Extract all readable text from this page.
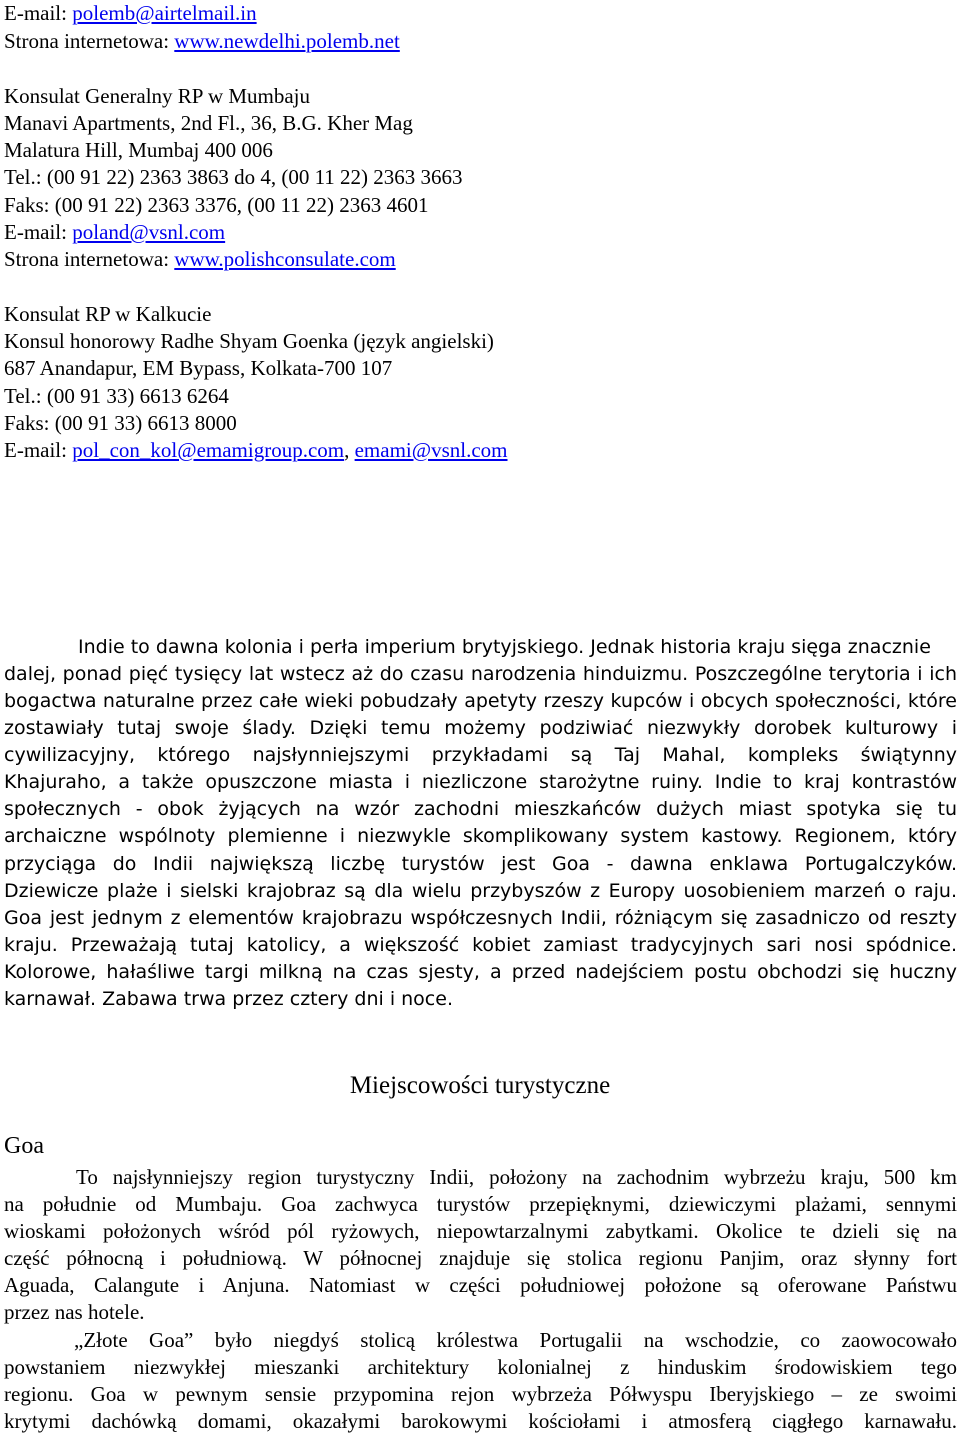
E-mail: polemb@airtelmail.in
Strona internetowa: www.newdelhi.polemb.net
Konsulat Generalny RP w Mumbaju
Manavi Apartments, 2nd Fl., 36, B.G. Kher Mag
Malatura Hill, Mumbaj 400 006
Tel.: (00 91 22) 2363 3863 do 4, (00 11 22) 2363 3663
Faks: (00 91 22) 2363 3376, (00 11 22) 2363 4601
E-mail: poland@vsnl.com
Strona internetowa: www.polishconsulate.com
Konsulat RP w Kalkucie
Konsul honorowy Radhe Shyam Goenka (język angielski)
687 Anandapur, EM Bypass, Kolkata-700 107
Tel.: (00 91 33) 6613 6264
Faks: (00 91 33) 6613 8000
E-mail: pol_con_kol@emamigroup.com, emami@vsnl.com
Indie to dawna kolonia i perła imperium brytyjskiego. Jednak historia kraju sięga znacznie
dalej, ponad pięć tysięcy lat wstecz aż do czasu narodzenia hinduizmu. Poszczególne terytoria i ich
bogactwa naturalne przez całe wieki pobudzały apetyty rzeszy kupców i obcych społeczności, które
zostawiały tutaj swoje ślady. Dzięki temu możemy podziwiać niezwykły dorobek kulturowy i
cywilizacyjny, którego najsłynniejszymi przykładami są Taj Mahal, kompleks świątynny
Khajuraho, a także opuszczone miasta i niezliczone starożytne ruiny. Indie to kraj kontrastów
społecznych - obok żyjących na wzór zachodni mieszkańców dużych miast spotyka się tu
archaiczne wspólnoty plemienne i niezwykle skomplikowany system kastowy. Regionem, który
przyciąga do Indii największą liczbę turystów jest Goa - dawna enklawa Portugalczyków.
Dziewicze plaże i sielski krajobraz są dla wielu przybyszów z Europy uosobieniem marzeń o raju.
Goa jest jednym z elementów krajobrazu współczesnych Indii, różniącym się zasadniczo od reszty
kraju. Przeważają tutaj katolicy, a większość kobiet zamiast tradycyjnych sari nosi spódnice.
Kolorowe, hałaśliwe targi milkną na czas sjesty, a przed nadejściem postu obchodzi się huczny
karnawał. Zabawa trwa przez cztery dni i noce.
Miejscowości turystyczne
Goa
To najsłynniejszy region turystyczny Indii, położony na zachodnim wybrzeżu kraju, 500 km
na południe od Mumbaju. Goa zachwyca turystów przepięknymi, dziewiczymi plażami, sennymi
wioskami położonych wśród pól ryżowych, niepowtarzalnymi zabytkami. Okolice te dzieli się na
część północną i południową. W północnej znajduje się stolica regionu Panjim, oraz słynny fort
Aguada, Calangute i Anjuna. Natomiast w części południowej położone są oferowane Państwu
przez nas hotele.
„Złote Goa” było niegdyś stolicą królestwa Portugalii na wschodzie, co zaowocowało
powstaniem niezwykłej mieszanki architektury kolonialnej z hinduskim środowiskiem tego
regionu. Goa w pewnym sensie przypomina rejon wybrzeża Półwyspu Iberyjskiego – ze swoimi
krytymi dachówką domami, okazałymi barokowymi kościołami i atmosferą ciągłego karnawału.
